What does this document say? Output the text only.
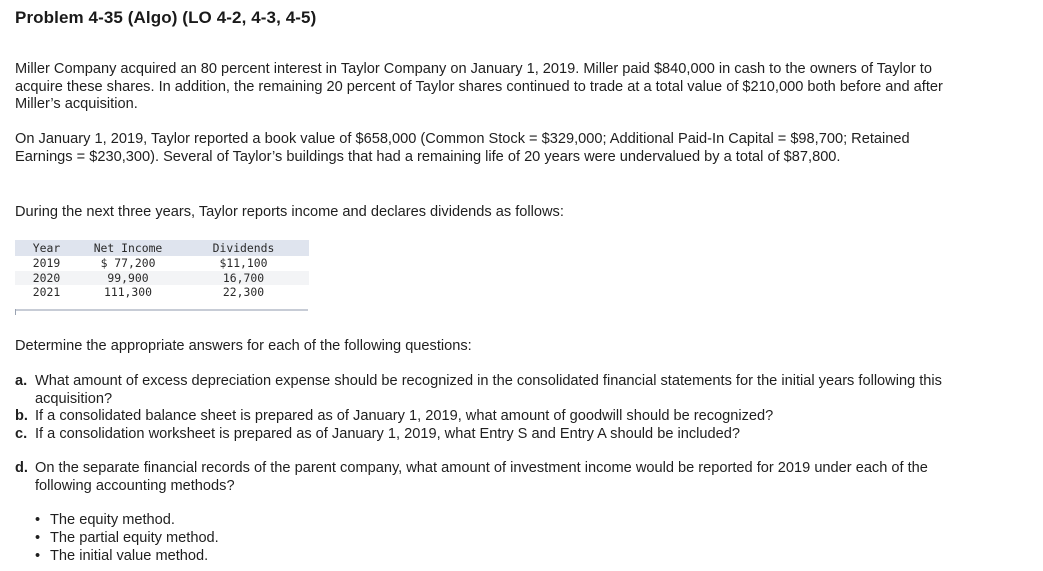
Problem 4-35 (Algo) (LO 4-2, 4-3, 4-5)
Miller Company acquired an 80 percent interest in Taylor Company on January 1, 2019. Miller paid $840,000 in cash to the owners of Taylor to acquire these shares. In addition, the remaining 20 percent of Taylor shares continued to trade at a total value of $210,000 both before and after Miller’s acquisition.
On January 1, 2019, Taylor reported a book value of $658,000 (Common Stock = $329,000; Additional Paid-In Capital = $98,700; Retained Earnings = $230,300). Several of Taylor’s buildings that had a remaining life of 20 years were undervalued by a total of $87,800.
During the next three years, Taylor reports income and declares dividends as follows:
Year	Net Income	Dividends
2019	$ 77,200	$11,100
2020	99,900	16,700
2021	111,300	22,300
Determine the appropriate answers for each of the following questions:
a. What amount of excess depreciation expense should be recognized in the consolidated financial statements for the initial years following this acquisition?
b. If a consolidated balance sheet is prepared as of January 1, 2019, what amount of goodwill should be recognized?
c. If a consolidation worksheet is prepared as of January 1, 2019, what Entry S and Entry A should be included?
d. On the separate financial records of the parent company, what amount of investment income would be reported for 2019 under each of the following accounting methods?
• The equity method.
• The partial equity method.
• The initial value method.
